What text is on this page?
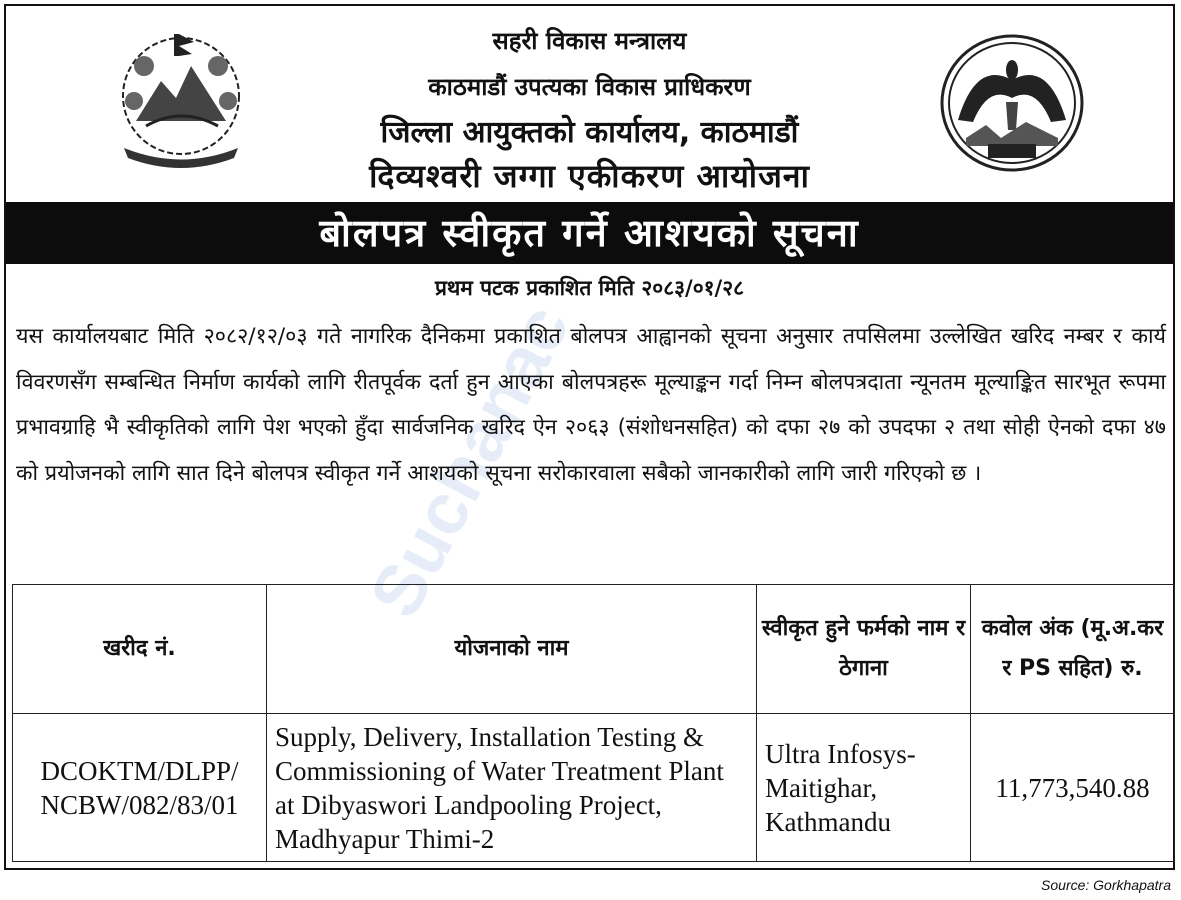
Suchanac
सहरी विकास मन्त्रालय
काठमाडौं उपत्यका विकास प्राधिकरण
जिल्ला आयुक्तको कार्यालय, काठमाडौं
दिव्यश्वरी जग्गा एकीकरण आयोजना
बोलपत्र स्वीकृत गर्ने आशयको सूचना
प्रथम पटक प्रकाशित मिति २०८३/०१/२८
यस कार्यालयबाट मिति २०८२/१२/०३ गते नागरिक दैनिकमा प्रकाशित बोलपत्र आह्वानको सूचना अनुसार तपसिलमा उल्लेखित खरिद नम्बर र कार्य विवरणसँग सम्बन्धित निर्माण कार्यको लागि रीतपूर्वक दर्ता हुन आएका बोलपत्रहरू मूल्याङ्कन गर्दा निम्न बोलपत्रदाता न्यूनतम मूल्याङ्कित सारभूत रूपमा प्रभावग्राहि भै स्वीकृतिको लागि पेश भएको हुँदा सार्वजनिक खरिद ऐन २०६३ (संशोधनसहित) को दफा २७ को उपदफा २ तथा सोही ऐनको दफा ४७ को प्रयोजनको लागि सात दिने बोलपत्र स्वीकृत गर्ने आशयको सूचना सरोकारवाला सबैको जानकारीको लागि जारी गरिएको छ ।
खरीद नं.	योजनाको नाम	स्वीकृत हुने फर्मको नाम र ठेगाना	कवोल अंक (मू.अ.कर र PS सहित) रु.
DCOKTM/DLPP/ NCBW/082/83/01	Supply, Delivery, Installation Testing & Commissioning of Water Treatment Plant at Dibyaswori Landpooling Project, Madhyapur Thimi-2	Ultra Infosys- Maitighar, Kathmandu	11,773,540.88
Source: Gorkhapatra
